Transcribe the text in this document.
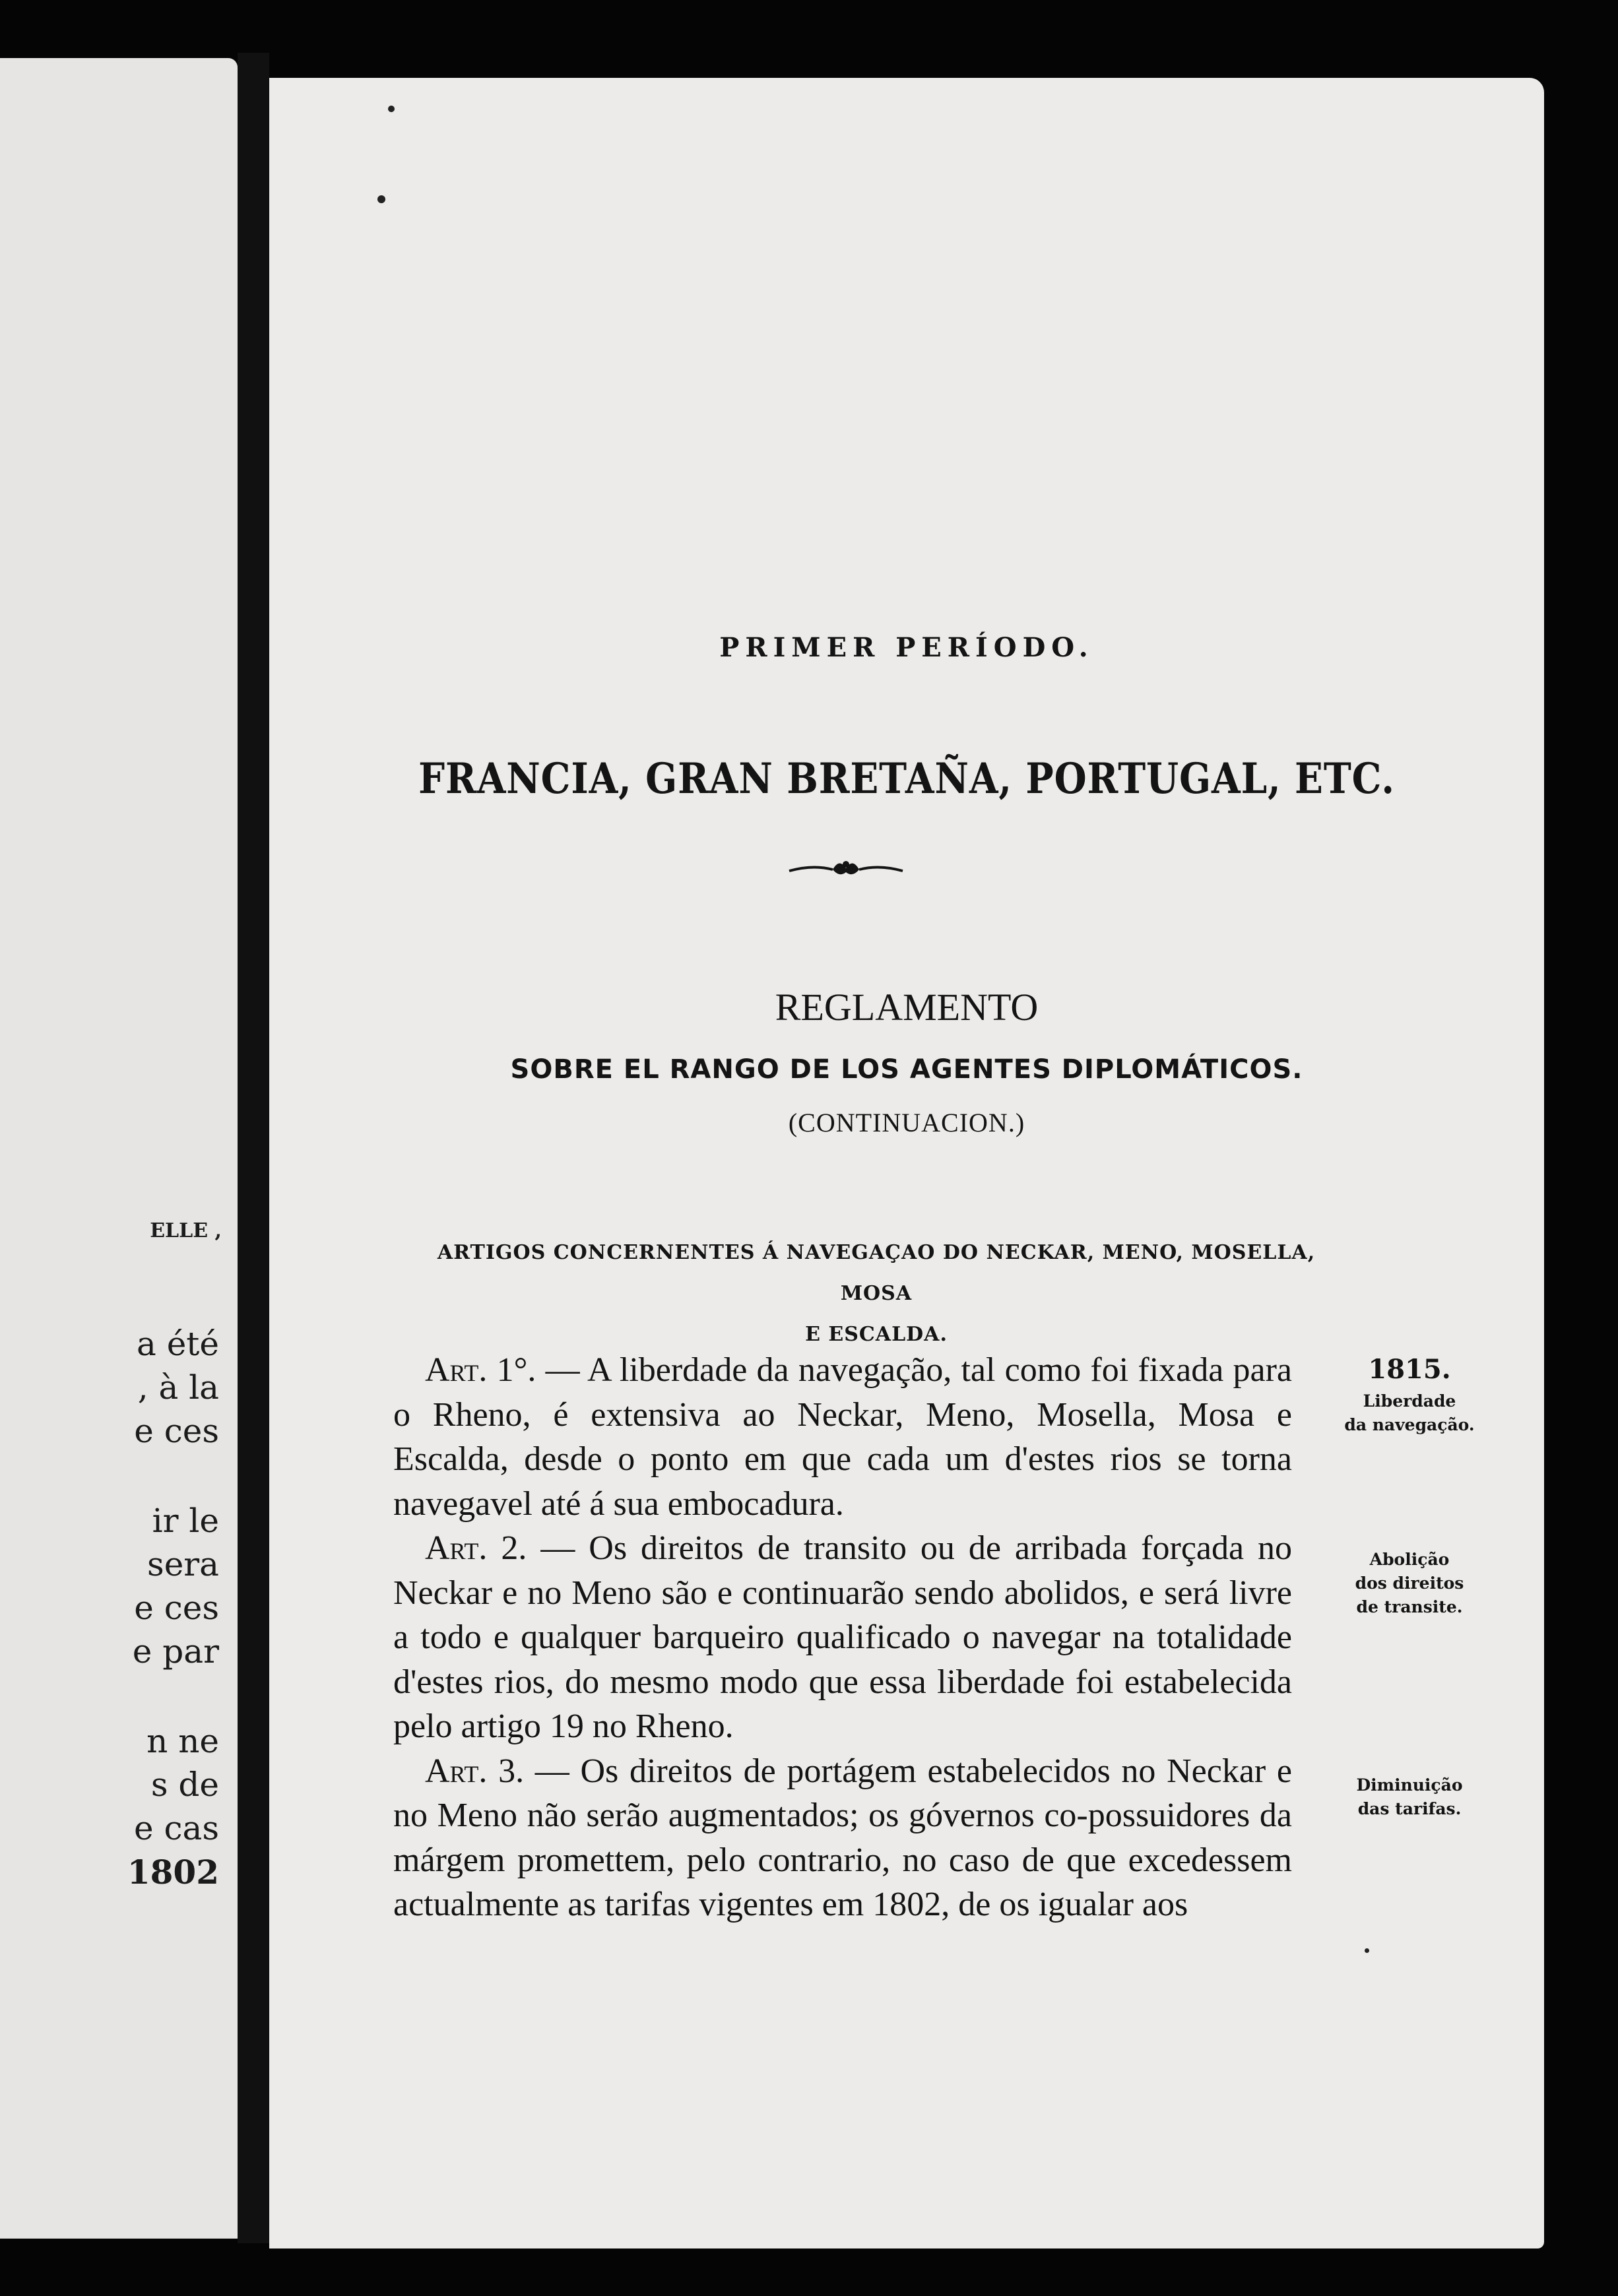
ELLE ,
a été
, à la
e ces
ir le
sera
e ces
e par
n ne
s de
e cas
1802
PRIMER PERÍODO.
FRANCIA, GRAN BRETAÑA, PORTUGAL, ETC.
REGLAMENTO
SOBRE EL RANGO DE LOS AGENTES DIPLOMÁTICOS.
(CONTINUACION.)
ARTIGOS CONCERNENTES Á NAVEGAÇAO DO NECKAR, MENO, MOSELLA, MOSA
E ESCALDA.

Art. 1°. — A liberdade da navegação, tal como foi fixada para o Rheno, é extensiva ao Neckar, Meno, Mosella, Mosa e Escalda, desde o ponto em que cada um d'estes rios se torna navegavel até á sua embocadura.

Art. 2. — Os direitos de transito ou de arribada forçada no Neckar e no Meno são e continuarão sendo abolidos, e será livre a todo e qualquer barqueiro qualificado o navegar na totalidade d'estes rios, do mesmo modo que essa liberdade foi estabelecida pelo artigo 19 no Rheno.

Art. 3. — Os direitos de portágem estabelecidos no Neckar e no Meno não serão augmentados; os góvernos co-possuidores da márgem promettem, pelo contrario, no caso de que excedessem actualmente as tarifas vigentes em 1802, de os igualar aos

1815.
Liberdade
da navegação.
Abolição
dos direitos
de transite.
Diminuição
das tarifas.
